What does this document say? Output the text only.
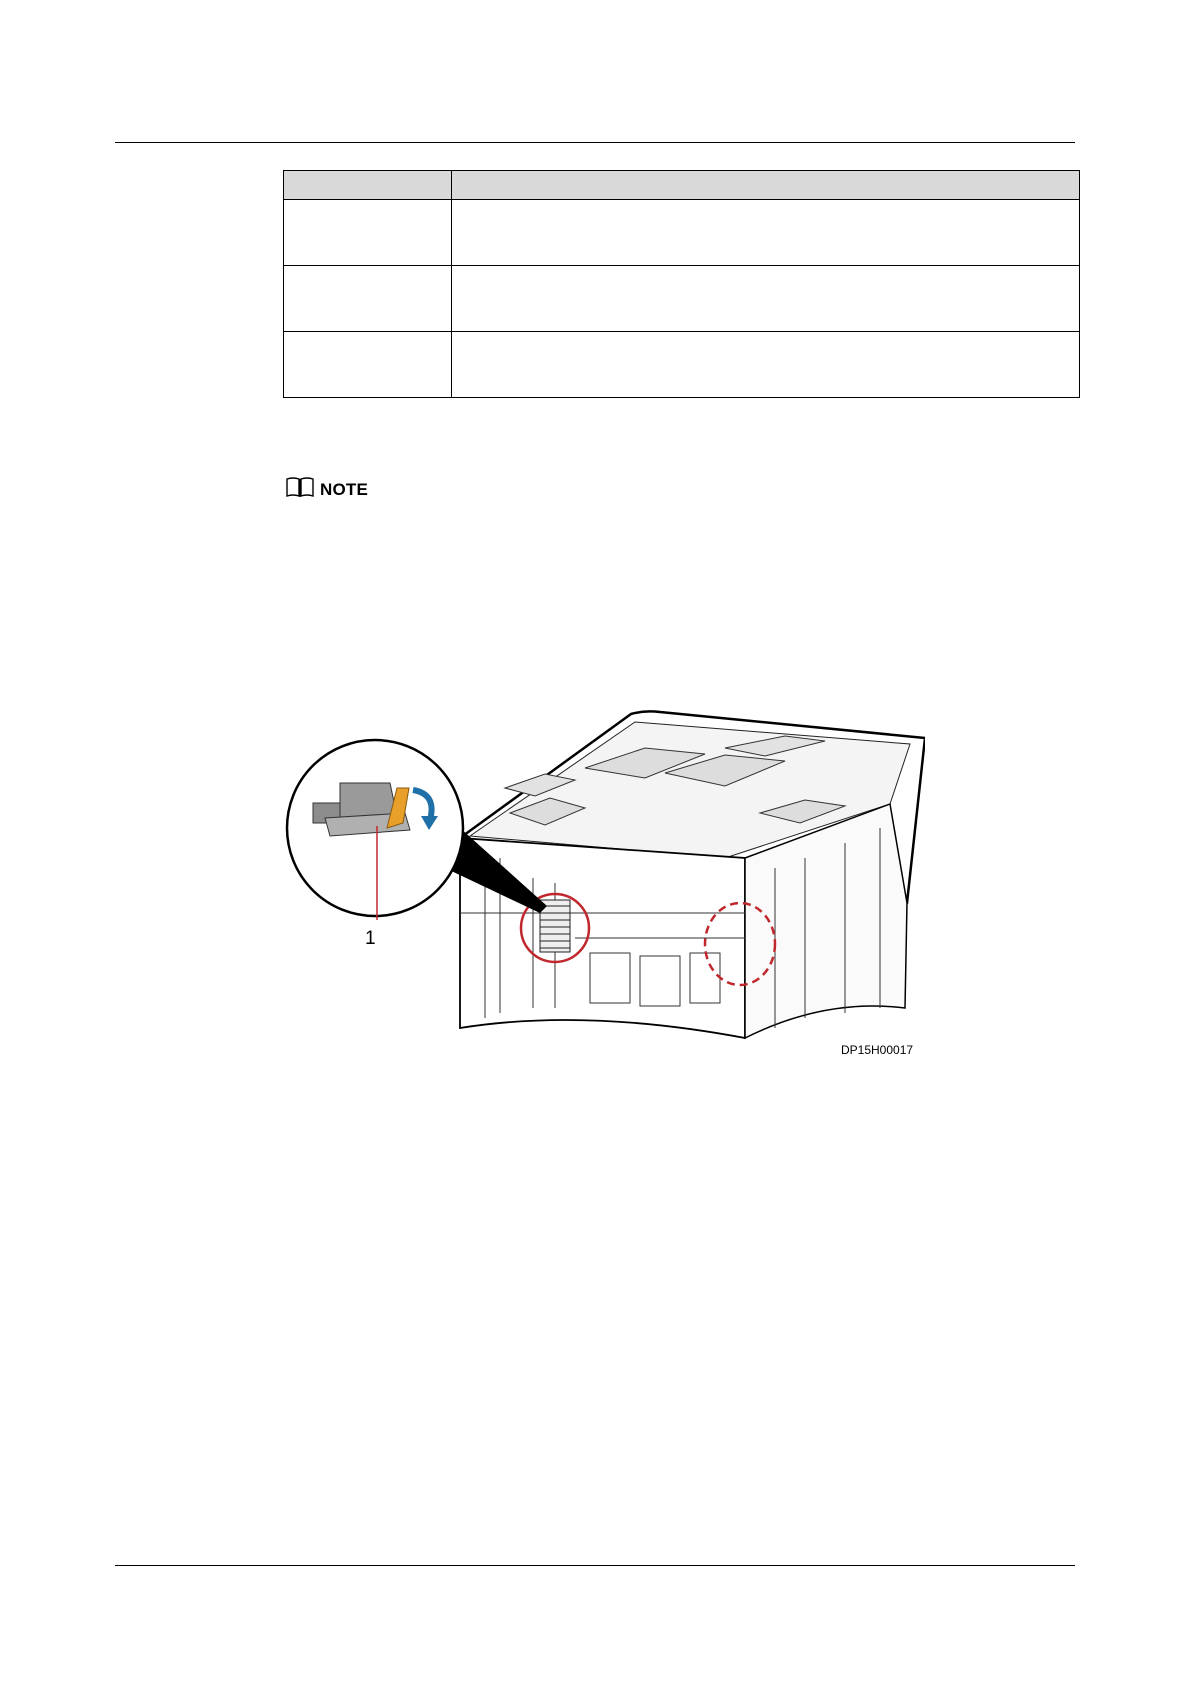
NOTE
1
DP15H00017
